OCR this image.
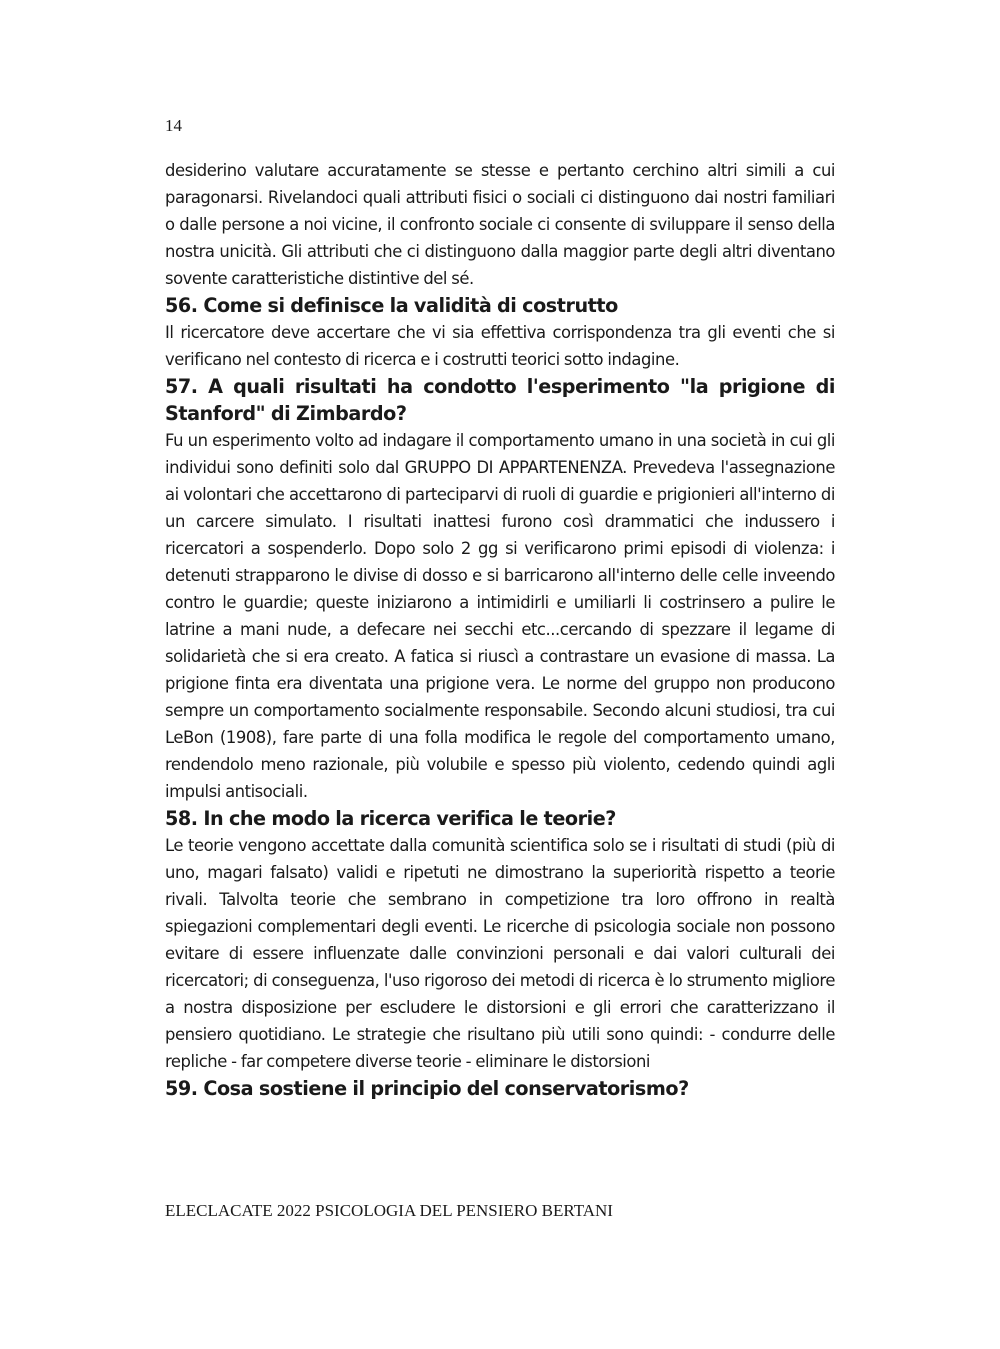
14

desiderino valutare accuratamente se stesse e pertanto cerchino altri simili a cui paragonarsi. Rivelandoci quali attributi fisici o sociali ci distinguono dai nostri familiari o dalle persone a noi vicine, il confronto sociale ci consente di sviluppare il senso della nostra unicità. Gli attributi che ci distinguono dalla maggior parte degli altri diventano sovente caratteristiche distintive del sé.

56. Come si definisce la validità di costrutto

Il ricercatore deve accertare che vi sia effettiva corrispondenza tra gli eventi che si verificano nel contesto di ricerca e i costrutti teorici sotto indagine.

57. A quali risultati ha condotto l'esperimento "la prigione di Stanford" di Zimbardo?

Fu un esperimento volto ad indagare il comportamento umano in una società in cui gli individui sono definiti solo dal GRUPPO DI APPARTENENZA. Prevedeva l'assegnazione ai volontari che accettarono di parteciparvi di ruoli di guardie e prigionieri all'interno di un carcere simulato. I risultati inattesi furono così drammatici che indussero i ricercatori a sospenderlo. Dopo solo 2 gg si verificarono primi episodi di violenza: i detenuti strapparono le divise di dosso e si barricarono all'interno delle celle inveendo contro le guardie; queste iniziarono a intimidirli e umiliarli li costrinsero a pulire le latrine a mani nude, a defecare nei secchi etc...cercando di spezzare il legame di solidarietà che si era creato. A fatica si riuscì a contrastare un evasione di massa. La prigione finta era diventata una prigione vera. Le norme del gruppo non producono sempre un comportamento socialmente responsabile. Secondo alcuni studiosi, tra cui LeBon (1908), fare parte di una folla modifica le regole del comportamento umano, rendendolo meno razionale, più volubile e spesso più violento, cedendo quindi agli impulsi antisociali.

58. In che modo la ricerca verifica le teorie?

Le teorie vengono accettate dalla comunità scientifica solo se i risultati di studi (più di uno, magari falsato) validi e ripetuti ne dimostrano la superiorità rispetto a teorie rivali. Talvolta teorie che sembrano in competizione tra loro offrono in realtà spiegazioni complementari degli eventi. Le ricerche di psicologia sociale non possono evitare di essere influenzate dalle convinzioni personali e dai valori culturali dei ricercatori; di conseguenza, l'uso rigoroso dei metodi di ricerca è lo strumento migliore a nostra disposizione per escludere le distorsioni e gli errori che caratterizzano il pensiero quotidiano. Le strategie che risultano più utili sono quindi: - condurre delle repliche - far competere diverse teorie - eliminare le distorsioni

59. Cosa sostiene il principio del conservatorismo?
ELECLACATE 2022 PSICOLOGIA DEL PENSIERO BERTANI
